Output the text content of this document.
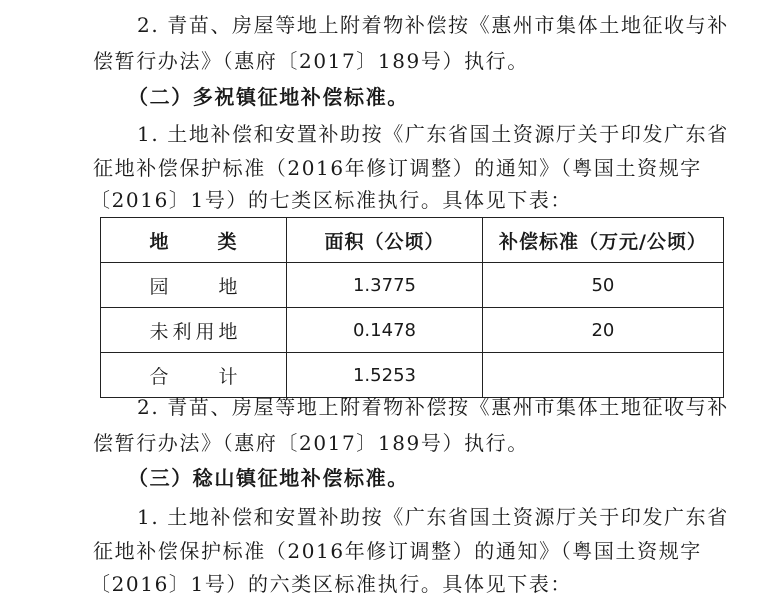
2. 青苗、房屋等地上附着物补偿按《惠州市集体土地征收与补
偿暂行办法》（惠府〔2017〕189号）执行。
（二）多祝镇征地补偿标准。
1. 土地补偿和安置补助按《广东省国土资源厅关于印发广东省
征地补偿保护标准（2016年修订调整）的通知》（粤国土资规字
〔2016〕1号）的七类区标准执行。具体见下表：
地　类	面积（公顷）	补偿标准（万元/公顷）
园　地	1.3775	50
未利用地	0.1478	20
合　计	1.5253	
2. 青苗、房屋等地上附着物补偿按《惠州市集体土地征收与补
偿暂行办法》（惠府〔2017〕189号）执行。
（三）稔山镇征地补偿标准。
1. 土地补偿和安置补助按《广东省国土资源厅关于印发广东省
征地补偿保护标准（2016年修订调整）的通知》（粤国土资规字
〔2016〕1号）的六类区标准执行。具体见下表：
